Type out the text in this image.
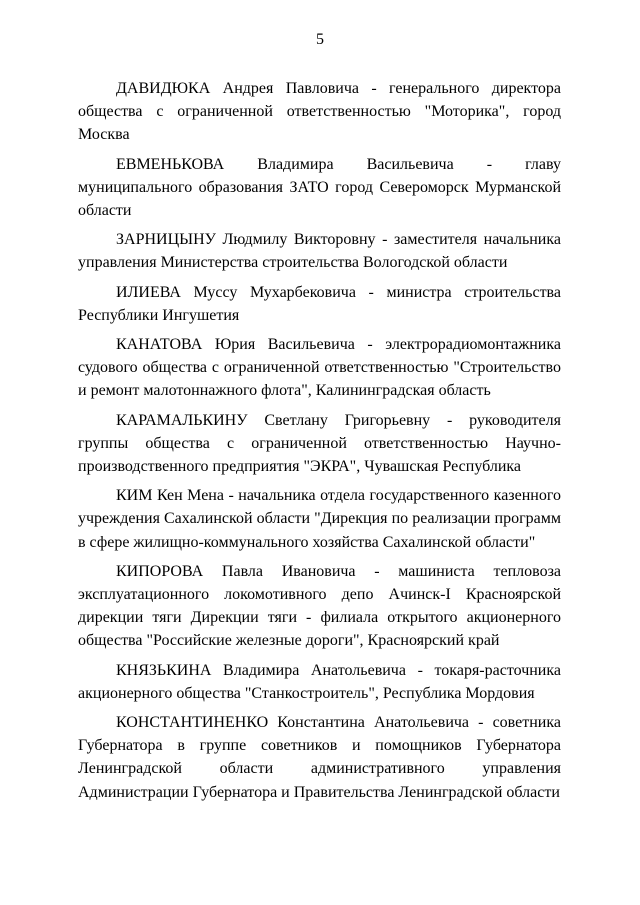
5

ДАВИДЮКА Андрея Павловича - генерального директора общества с ограниченной ответственностью "Моторика", город Москва

ЕВМЕНЬКОВА Владимира Васильевича - главу муниципального образования ЗАТО город Североморск Мурманской области

ЗАРНИЦЫНУ Людмилу Викторовну - заместителя начальника управления Министерства строительства Вологодской области

ИЛИЕВА Муссу Мухарбековича - министра строительства Республики Ингушетия

КАНАТОВА Юрия Васильевича - электрорадиомонтажника судового общества с ограниченной ответственностью "Строительство и ремонт малотоннажного флота", Калининградская область

КАРАМАЛЬКИНУ Светлану Григорьевну - руководителя группы общества с ограниченной ответственностью Научно-производственного предприятия "ЭКРА", Чувашская Республика

КИМ Кен Мена - начальника отдела государственного казенного учреждения Сахалинской области "Дирекция по реализации программ в сфере жилищно-коммунального хозяйства Сахалинской области"

КИПОРОВА Павла Ивановича - машиниста тепловоза эксплуатационного локомотивного депо Ачинск-I Красноярской дирекции тяги Дирекции тяги - филиала открытого акционерного общества "Российские железные дороги", Красноярский край

КНЯЗЬКИНА Владимира Анатольевича - токаря-расточника акционерного общества "Станкостроитель", Республика Мордовия

КОНСТАНТИНЕНКО Константина Анатольевича - советника Губернатора в группе советников и помощников Губернатора Ленинградской области административного управления Администрации Губернатора и Правительства Ленинградской области
